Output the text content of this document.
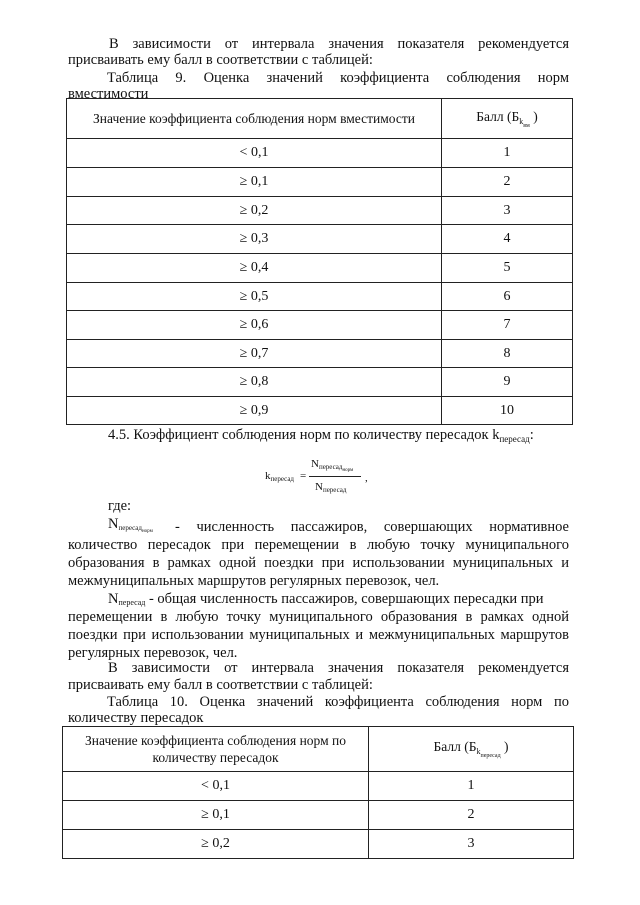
В зависимости от интервала значения показателя рекомендуется
присваивать ему балл в соответствии с таблицей:
Таблица 9. Оценка значений коэффициента соблюдения норм
вместимости
Значение коэффициента соблюдения норм вместимости	Балл ($Б_{k_{вм}}$ )
< 0,1	1
≥ 0,1	2
≥ 0,2	3
≥ 0,3	4
≥ 0,4	5
≥ 0,5	6
≥ 0,6	7
≥ 0,7	8
≥ 0,8	9
≥ 0,9	10
4.5. Коэффициент соблюдения норм по количеству пересадок $k_{пересад}$:
kпересад =
Nпересад$_{норм}$
Nпересад
,
где:
Nпересад$_{норм}$ - численность пассажиров, совершающих нормативное
количество пересадок при перемещении в любую точку муниципального
образования в рамках одной поездки при использовании муниципальных и
межмуниципальных маршрутов регулярных перевозок, чел.
Nпересад - общая численность пассажиров, совершающих пересадки при
перемещении в любую точку муниципального образования в рамках одной
поездки при использовании муниципальных и межмуниципальных маршрутов
регулярных перевозок, чел.
В зависимости от интервала значения показателя рекомендуется
присваивать ему балл в соответствии с таблицей:
Таблица 10. Оценка значений коэффициента соблюдения норм по
количеству пересадок
Значение коэффициента соблюдения норм по
количеству пересадок	Балл ($Б_{k_{пересад}}$ )
< 0,1	1
≥ 0,1	2
≥ 0,2	3
